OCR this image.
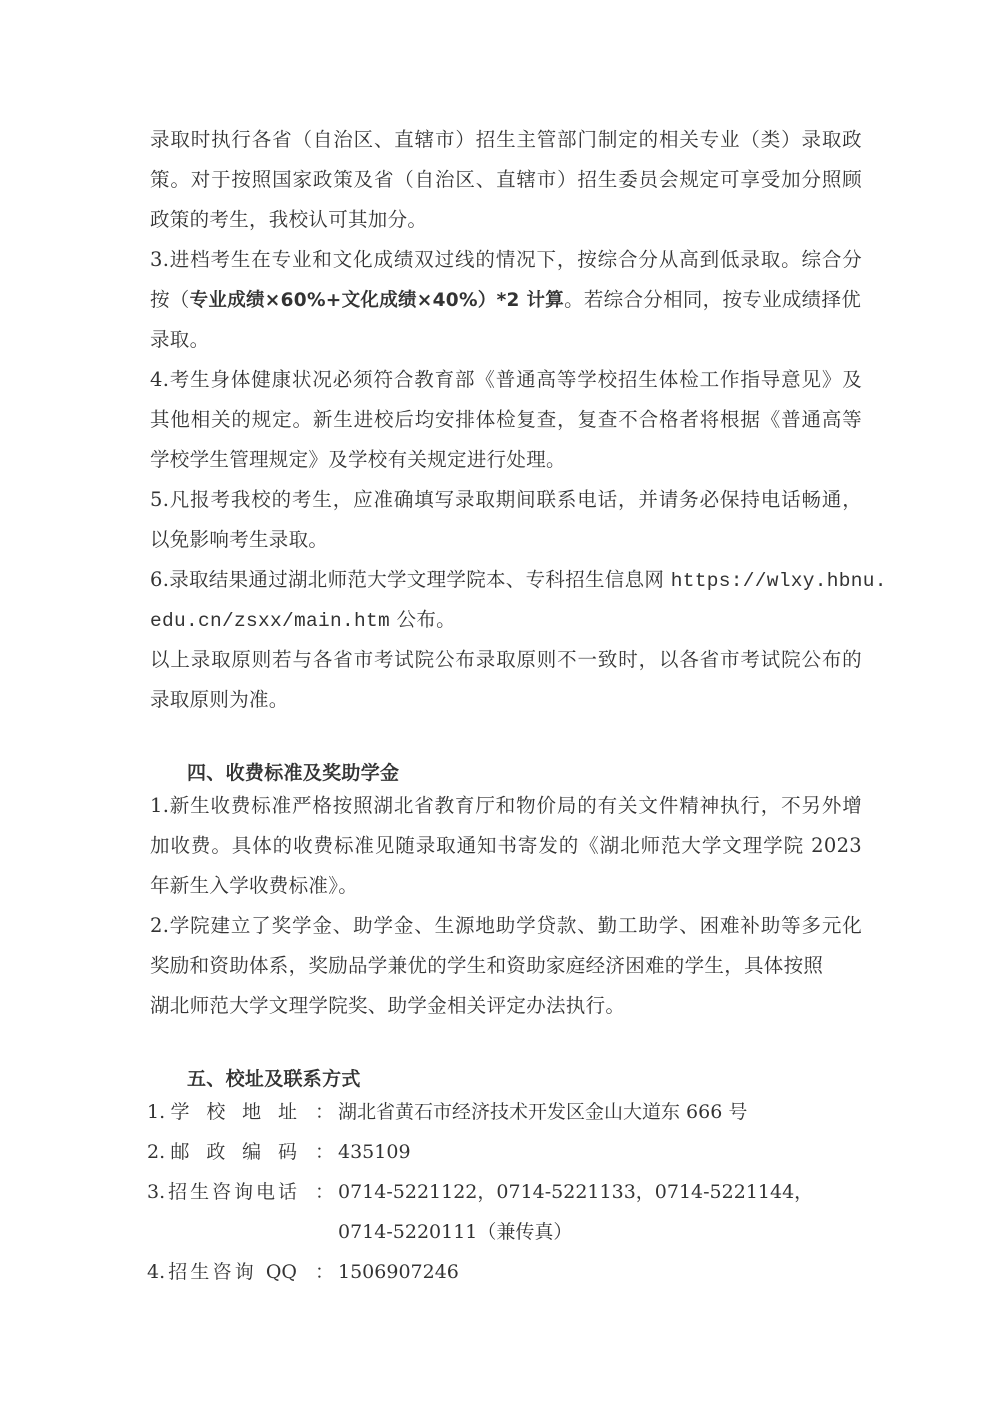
录取时执行各省（自治区、直辖市）招生主管部门制定的相关专业（类）录取政
策。对于按照国家政策及省（自治区、直辖市）招生委员会规定可享受加分照顾
政策的考生，我校认可其加分。
3.进档考生在专业和文化成绩双过线的情况下，按综合分从高到低录取。综合分
按（专业成绩×60%+文化成绩×40%）*2 计算。若综合分相同，按专业成绩择优
录取。
4.考生身体健康状况必须符合教育部《普通高等学校招生体检工作指导意见》及
其他相关的规定。新生进校后均安排体检复查，复查不合格者将根据《普通高等
学校学生管理规定》及学校有关规定进行处理。
5.凡报考我校的考生，应准确填写录取期间联系电话，并请务必保持电话畅通，
以免影响考生录取。
6.录取结果通过湖北师范大学文理学院本、专科招生信息网 https://wlxy.hbnu.
edu.cn/zsxx/main.htm 公布。
以上录取原则若与各省市考试院公布录取原则不一致时，以各省市考试院公布的
录取原则为准。
四、收费标准及奖助学金
1.新生收费标准严格按照湖北省教育厅和物价局的有关文件精神执行，不另外增
加收费。具体的收费标准见随录取通知书寄发的《湖北师范大学文理学院 2023
年新生入学收费标准》。
2.学院建立了奖学金、助学金、生源地助学贷款、勤工助学、困难补助等多元化
奖励和资助体系，奖励品学兼优的学生和资助家庭经济困难的学生，具体按照
湖北师范大学文理学院奖、助学金相关评定办法执行。
五、校址及联系方式
1.学 校 地 址 ： 湖北省黄石市经济技术开发区金山大道东 666 号
2.邮 政 编 码 ： 435109
3.招生咨询电话 ： 0714-5221122，0714-5221133，0714-5221144，
0714-5220111（兼传真）
4.招生咨询 QQ ： 1506907246
